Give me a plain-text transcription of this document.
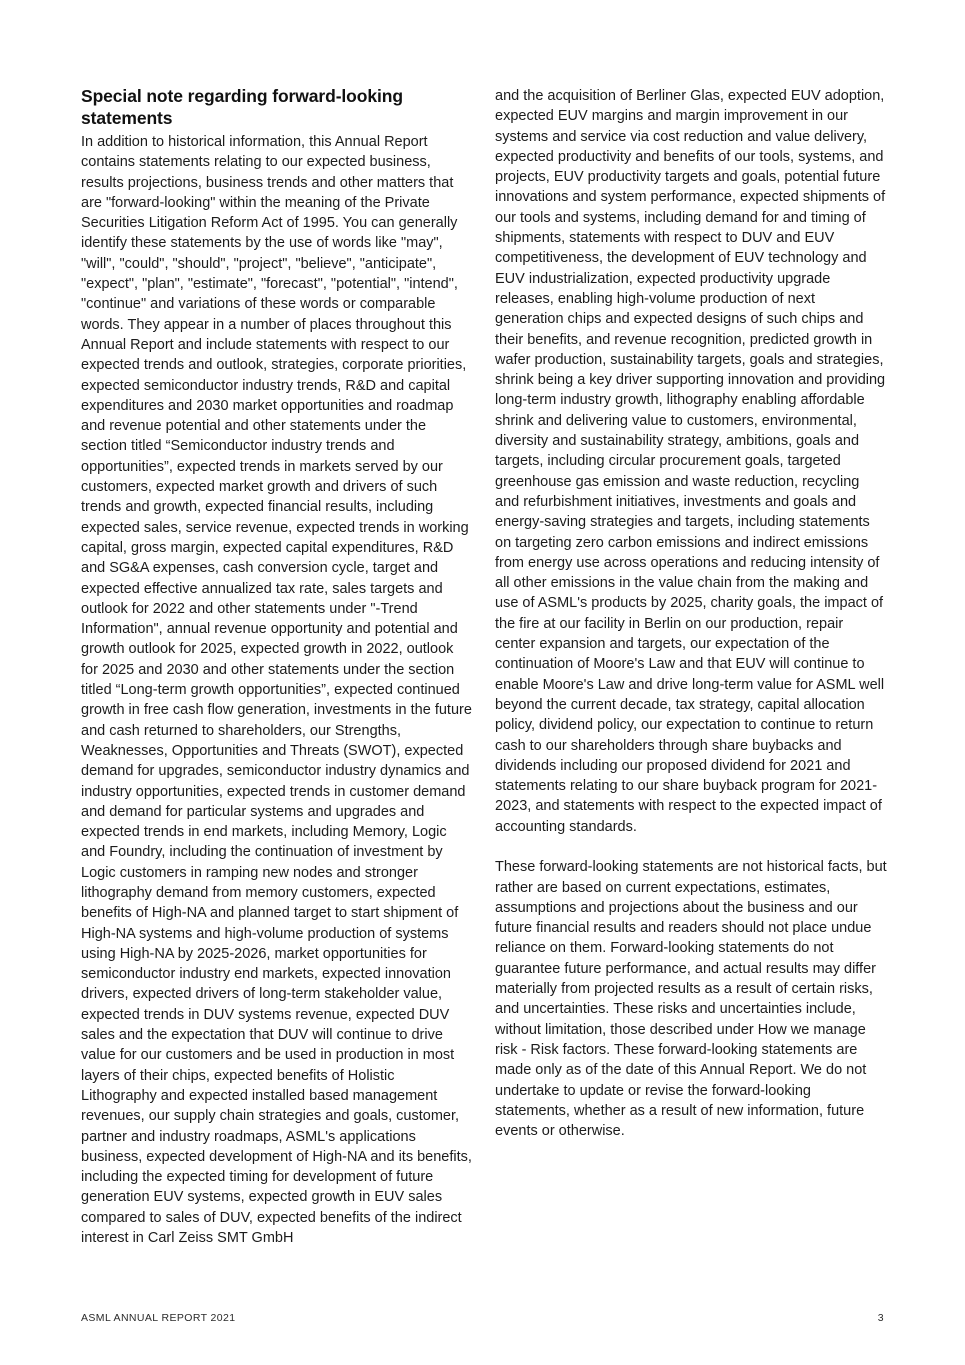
Special note regarding forward-looking statements

In addition to historical information, this Annual Report contains statements relating to our expected business, results projections, business trends and other matters that are "forward-looking" within the meaning of the Private Securities Litigation Reform Act of 1995. You can generally identify these statements by the use of words like "may", "will", "could", "should", "project", "believe", "anticipate", "expect", "plan", "estimate", "forecast", "potential", "intend", "continue" and variations of these words or comparable words. They appear in a number of places throughout this Annual Report and include statements with respect to our expected trends and outlook, strategies, corporate priorities, expected semiconductor industry trends, R&D and capital expenditures and 2030 market opportunities and roadmap and revenue potential and other statements under the section titled “Semiconductor industry trends and opportunities”, expected trends in markets served by our customers, expected market growth and drivers of such trends and growth, expected financial results, including expected sales, service revenue, expected trends in working capital, gross margin, expected capital expenditures, R&D and SG&A expenses, cash conversion cycle, target and expected effective annualized tax rate, sales targets and outlook for 2022 and other statements under "-Trend Information", annual revenue opportunity and potential and growth outlook for 2025, expected growth in 2022, outlook for 2025 and 2030 and other statements under the section titled “Long-term growth opportunities”, expected continued growth in free cash flow generation, investments in the future and cash returned to shareholders, our Strengths, Weaknesses, Opportunities and Threats (SWOT), expected demand for upgrades, semiconductor industry dynamics and industry opportunities, expected trends in customer demand and demand for particular systems and upgrades and expected trends in end markets, including Memory, Logic and Foundry, including the continuation of investment by Logic customers in ramping new nodes and stronger lithography demand from memory customers, expected benefits of High-NA and planned target to start shipment of High-NA systems and high-volume production of systems using High-NA by 2025-2026, market opportunities for semiconductor industry end markets, expected innovation drivers, expected drivers of long-term stakeholder value, expected trends in DUV systems revenue, expected DUV sales and the expectation that DUV will continue to drive value for our customers and be used in production in most layers of their chips, expected benefits of Holistic Lithography and expected installed based management revenues, our supply chain strategies and goals, customer, partner and industry roadmaps, ASML's applications business, expected development of High-NA and its benefits, including the expected timing for development of future generation EUV systems, expected growth in EUV sales compared to sales of DUV, expected benefits of the indirect interest in Carl Zeiss SMT GmbH

and the acquisition of Berliner Glas, expected EUV adoption, expected EUV margins and margin improvement in our systems and service via cost reduction and value delivery, expected productivity and benefits of our tools, systems, and projects, EUV productivity targets and goals, potential future innovations and system performance, expected shipments of our tools and systems, including demand for and timing of shipments, statements with respect to DUV and EUV competitiveness, the development of EUV technology and EUV industrialization, expected productivity upgrade releases, enabling high-volume production of next generation chips and expected designs of such chips and their benefits, and revenue recognition, predicted growth in wafer production, sustainability targets, goals and strategies, shrink being a key driver supporting innovation and providing long-term industry growth, lithography enabling affordable shrink and delivering value to customers, environmental, diversity and sustainability strategy, ambitions, goals and targets, including circular procurement goals, targeted greenhouse gas emission and waste reduction, recycling and refurbishment initiatives, investments and goals and energy-saving strategies and targets, including statements on targeting zero carbon emissions and indirect emissions from energy use across operations and reducing intensity of all other emissions in the value chain from the making and use of ASML's products by 2025, charity goals, the impact of the fire at our facility in Berlin on our production, repair center expansion and targets, our expectation of the continuation of Moore's Law and that EUV will continue to enable Moore's Law and drive long-term value for ASML well beyond the current decade, tax strategy, capital allocation policy, dividend policy, our expectation to continue to return cash to our shareholders through share buybacks and dividends including our proposed dividend for 2021 and statements relating to our share buyback program for 2021-2023, and statements with respect to the expected impact of accounting standards.

These forward-looking statements are not historical facts, but rather are based on current expectations, estimates, assumptions and projections about the business and our future financial results and readers should not place undue reliance on them. Forward-looking statements do not guarantee future performance, and actual results may differ materially from projected results as a result of certain risks, and uncertainties. These risks and uncertainties include, without limitation, those described under How we manage risk - Risk factors. These forward-looking statements are made only as of the date of this Annual Report. We do not undertake to update or revise the forward-looking statements, whether as a result of new information, future events or otherwise.

ASML ANNUAL REPORT 2021	3
